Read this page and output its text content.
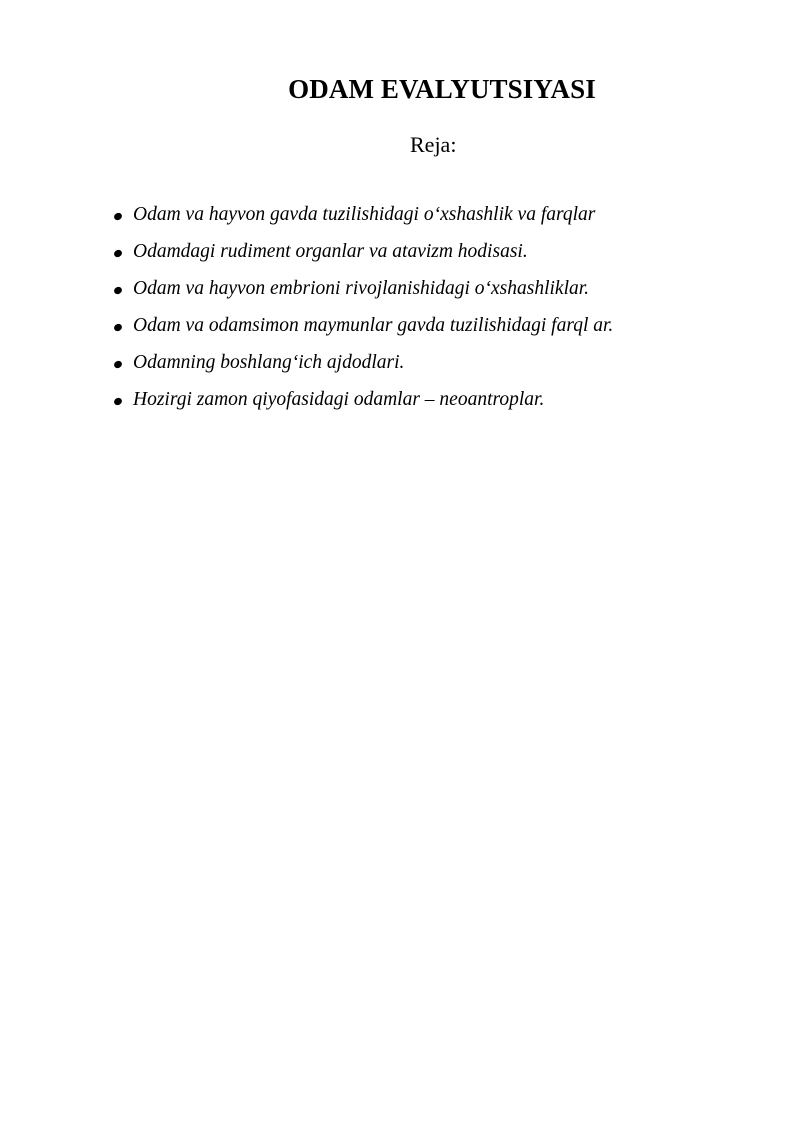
ODAM EVALYUTSIYASI
Reja:
Odam va hayvon gavda tuzilishidagi o‘xshashlik va farqlar
Odamdagi rudiment organlar va atavizm hodisasi.
Odam va hayvon embrioni rivojlanishidagi o‘xshashliklar.
Odam va odamsimon maymunlar gavda tuzilishidagi farql ar.
Odamning boshlang‘ich ajdodlari.
Hozirgi zamon qiyofasidagi odamlar – neoantroplar.
